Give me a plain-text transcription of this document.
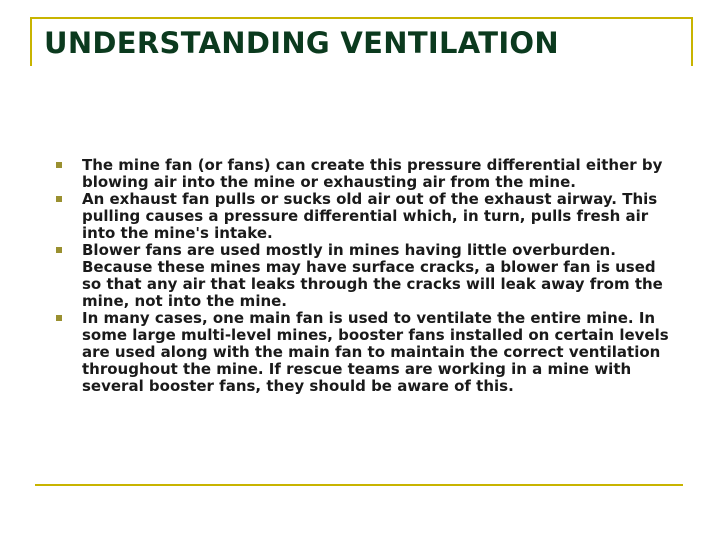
UNDERSTANDING VENTILATION
The mine fan (or fans) can create this pressure differential either by blowing air into the mine or exhausting air from the mine.
An exhaust fan pulls or sucks old air out of the exhaust airway. This pulling causes a pressure differential which, in turn, pulls fresh air into the mine's intake.
Blower fans are used mostly in mines having little overburden. Because these mines may have surface cracks, a blower fan is used so that any air that leaks through the cracks will leak away from the mine, not into the mine.
In many cases, one main fan is used to ventilate the entire mine. In some large multi-level mines, booster fans installed on certain levels are used along with the main fan to maintain the correct ventilation throughout the mine. If rescue teams are working in a mine with several booster fans, they should be aware of this.
